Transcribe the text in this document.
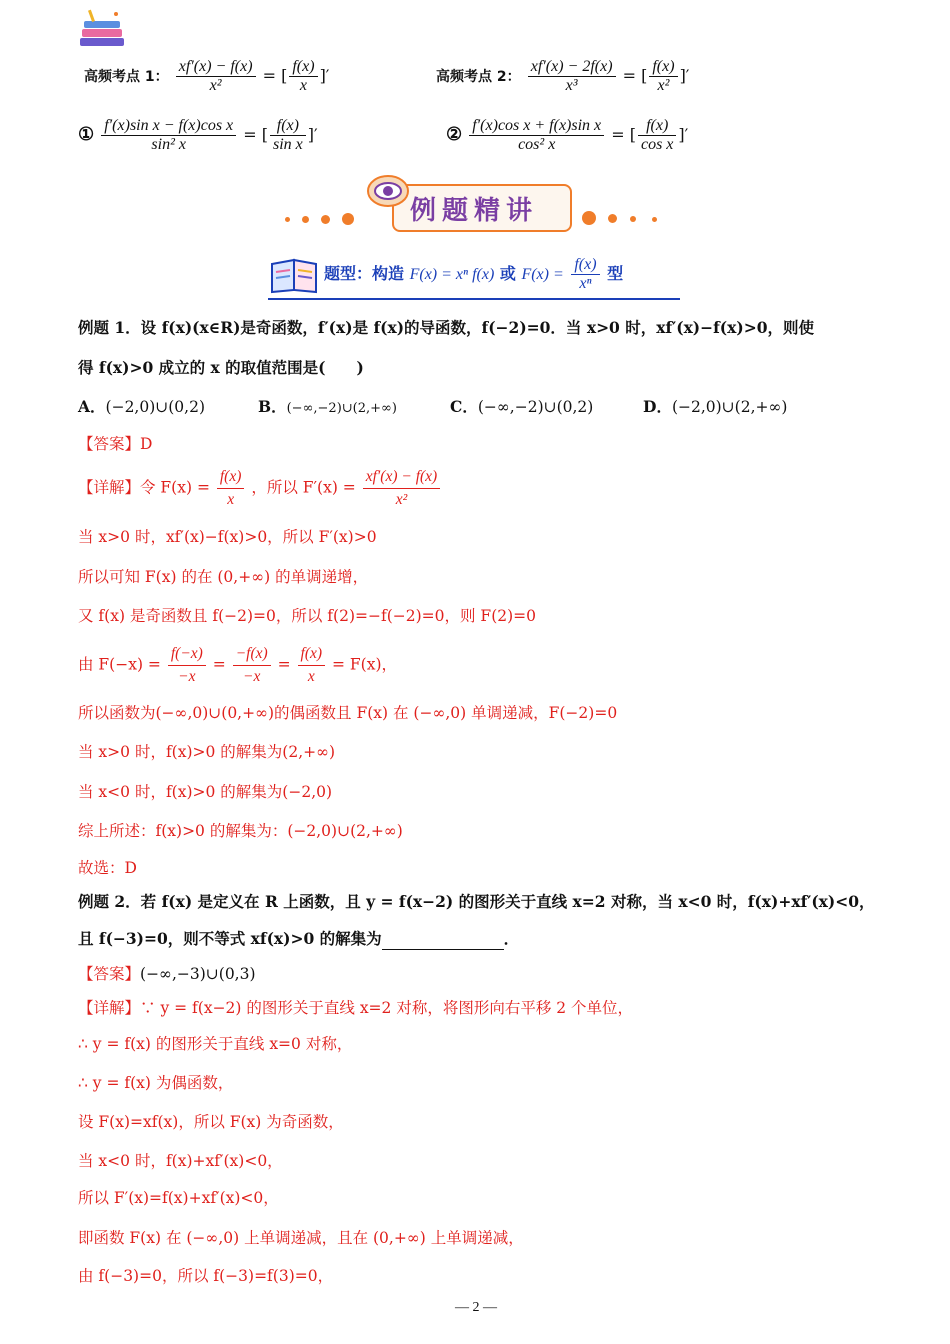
高频考点 1： $\frac{xf'(x) - f(x)}{\text{x²}}$ = [ $\frac{f(x)}{x}$ ]′	高频考点 2： $\frac{xf'(x) - 2f(x)}{\text{x³}}$ = [ $\frac{f(x)}{\text{x²}}$ ]′
① $\frac{\text{f′(x)sin x − f(x)cos x}}{\text{sin² x}}$ = [ $\frac{f(x)}{\text{sin x}}$ ]′	② $\frac{\text{f′(x)cos x + f(x)sin x}}{\text{cos² x}}$ = [ $\frac{f(x)}{\text{cos x}}$ ]′
例题精讲
题型：构造 F(x) = xⁿ f(x) 或 $F(x) = \frac{f(x)}{\text{xⁿ}}$ 型
例题 1．设 f(x)(x∈R)是奇函数，f′(x)是 f(x)的导函数，f(−2)=0．当 x>0 时，xf′(x)−f(x)>0，则使
得 f(x)>0 成立的 x 的取值范围是(　　)
A．(−2,0)∪(0,2)	B．(−∞,−2)∪(2,+∞)	C．(−∞,−2)∪(0,2)	D．(−2,0)∪(2,+∞)
【答案】D
【详解】令 $F(x) = \frac{f(x)}{x}$ ，所以 $F'(x) = \frac{xf'(x) - f(x)}{\text{x²}}$
当 x>0 时，xf′(x)−f(x)>0，所以 F′(x)>0
所以可知 F(x) 的在 (0,+∞) 的单调递增，
又 f(x) 是奇函数且 f(−2)=0，所以 f(2)=−f(−2)=0，则 F(2)=0
由 $F(-x) = \frac{f(-x)}{-x} = \frac{-f(x)}{-x} = \frac{f(x)}{x} = F(x)$，
所以函数为(−∞,0)∪(0,+∞)的偶函数且 F(x) 在 (−∞,0) 单调递减，F(−2)=0
当 x>0 时，f(x)>0 的解集为(2,+∞)
当 x<0 时，f(x)>0 的解集为(−2,0)
综上所述：f(x)>0 的解集为：(−2,0)∪(2,+∞)
故选：D
例题 2．若 f(x) 是定义在 R 上函数，且 y = f(x−2) 的图形关于直线 x=2 对称，当 x<0 时，f(x)+xf′(x)<0，
且 f(−3)=0，则不等式 xf(x)>0 的解集为	．
【答案】(−∞,−3)∪(0,3)
【详解】∵ y = f(x−2) 的图形关于直线 x=2 对称，将图形向右平移 2 个单位，
∴ y = f(x) 的图形关于直线 x=0 对称，
∴ y = f(x) 为偶函数，
设 F(x)=xf(x)，所以 F(x) 为奇函数，
当 x<0 时，f(x)+xf′(x)<0，
所以 F′(x)=f(x)+xf′(x)<0，
即函数 F(x) 在 (−∞,0) 上单调递减，且在 (0,+∞) 上单调递减，
由 f(−3)=0，所以 f(−3)=f(3)=0，
— 2 —
